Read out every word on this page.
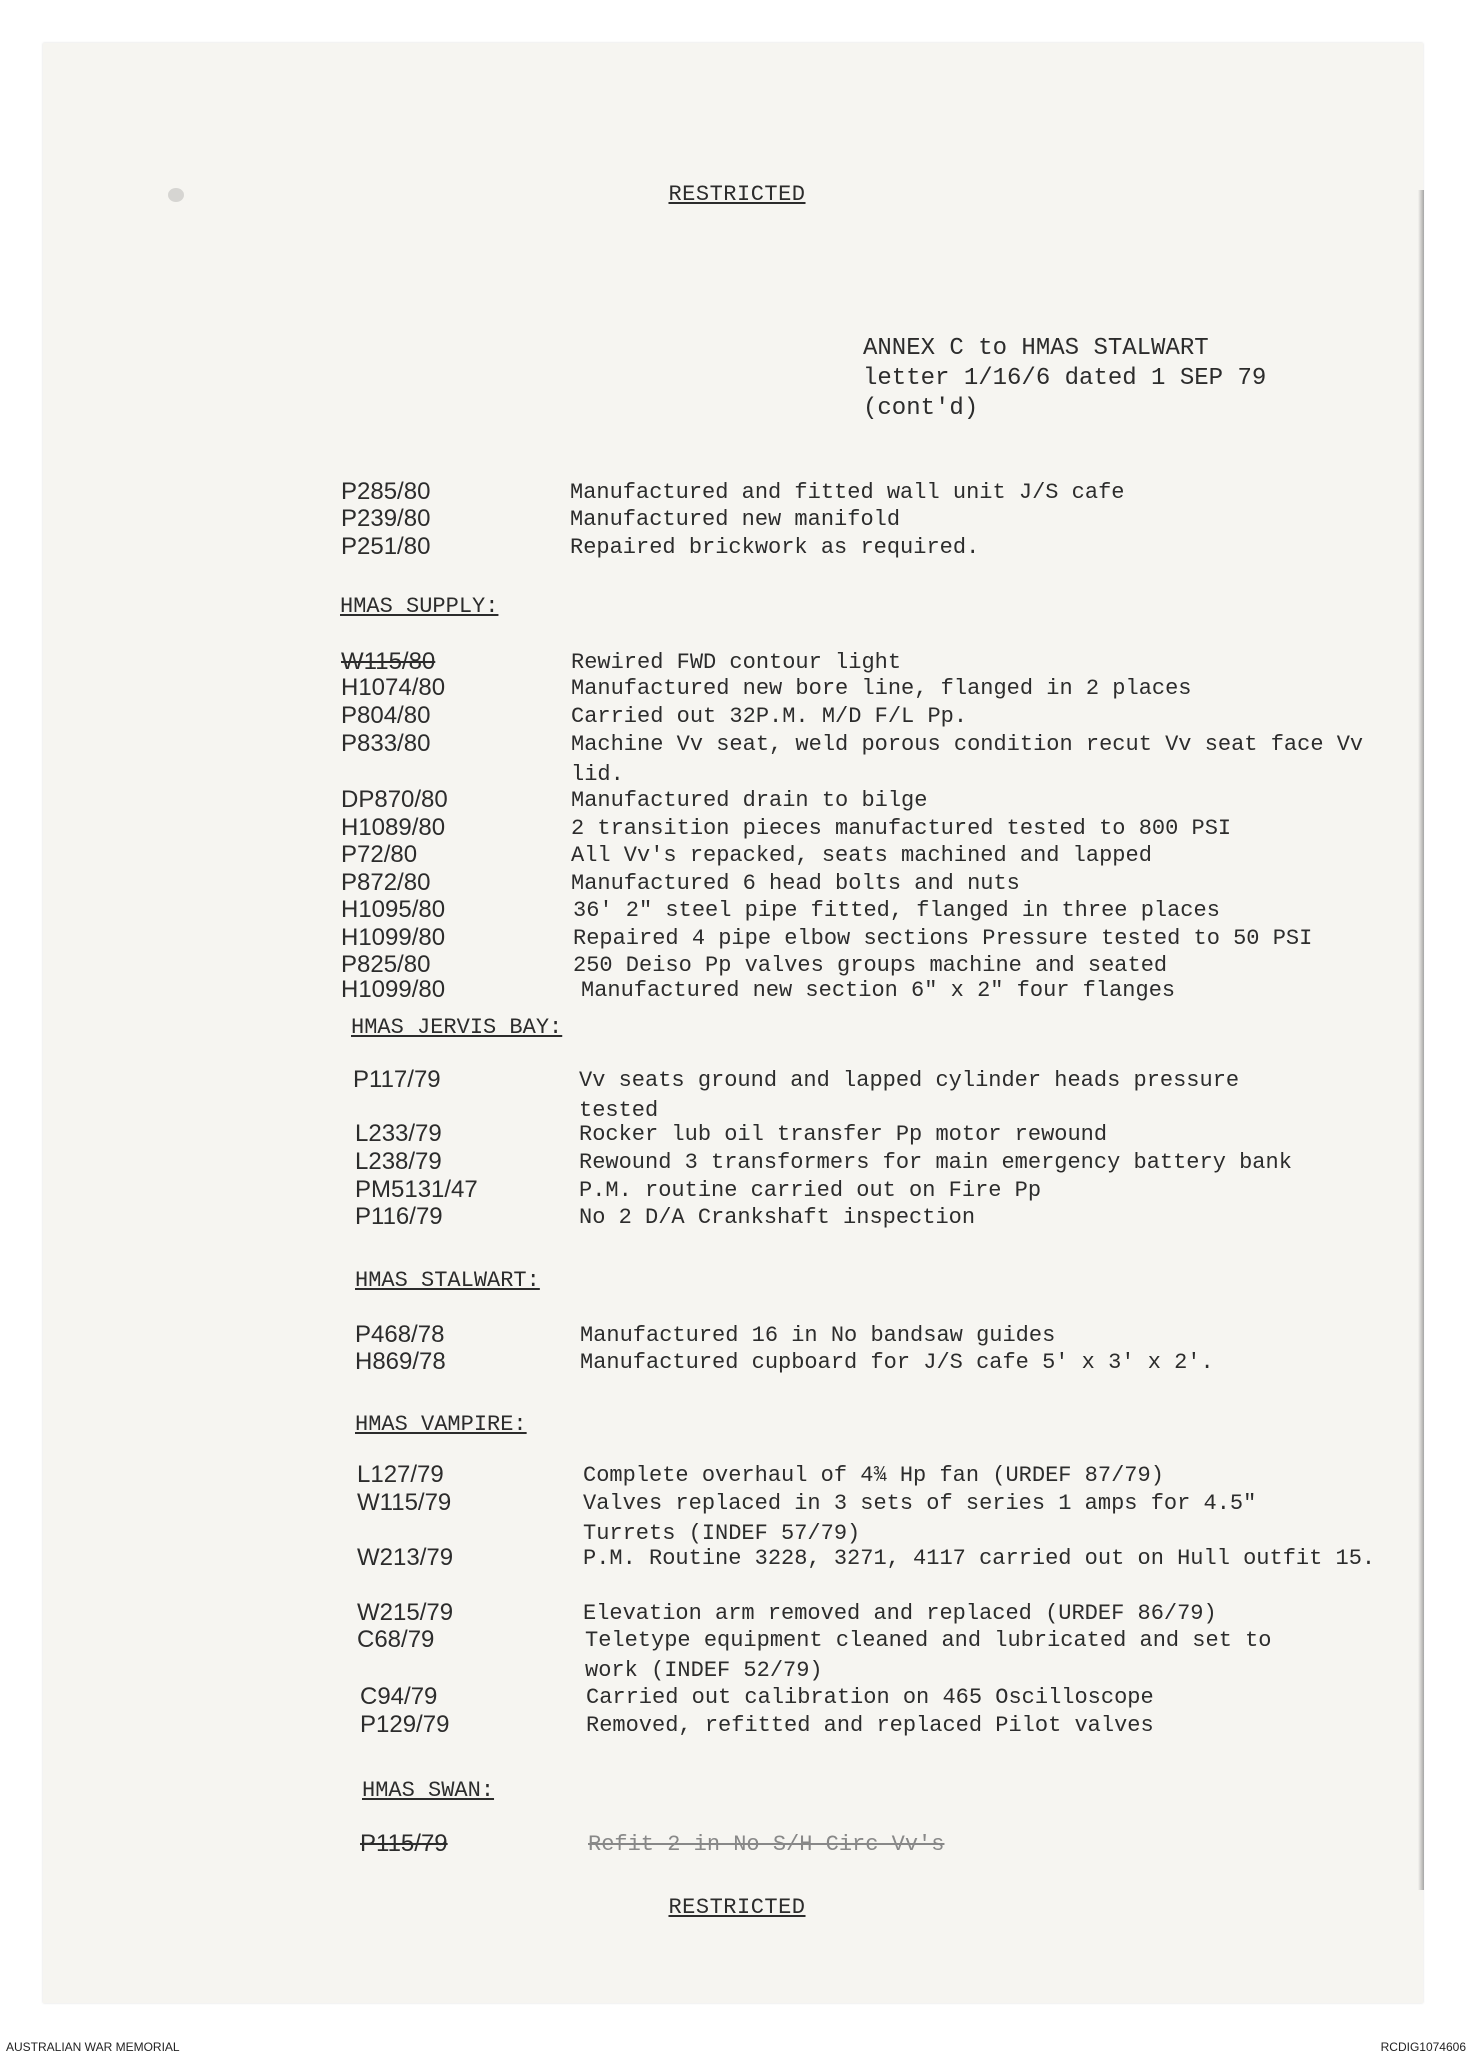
RESTRICTED
ANNEX C to HMAS STALWART
letter 1/16/6 dated 1 SEP 79
(cont'd)
P285/80	Manufactured and fitted wall unit J/S cafe
P239/80	Manufactured new manifold
P251/80	Repaired brickwork as required.
HMAS SUPPLY:
W115/80	Rewired FWD contour light
H1074/80	Manufactured new bore line, flanged in 2 places
P804/80	Carried out 32P.M. M/D F/L Pp.
P833/80	Machine Vv seat, weld porous condition recut Vv seat face Vv lid.
DP870/80	Manufactured drain to bilge
H1089/80	2 transition pieces manufactured tested to 800 PSI
P72/80	All Vv's repacked, seats machined and lapped
P872/80	Manufactured 6 head bolts and nuts
H1095/80	36' 2" steel pipe fitted, flanged in three places
H1099/80	Repaired 4 pipe elbow sections Pressure tested to 50 PSI
P825/80	250 Deiso Pp valves groups machine and seated
H1099/80	Manufactured new section 6" x 2" four flanges
HMAS JERVIS BAY:
P117/79	Vv seats ground and lapped cylinder heads pressure tested
L233/79	Rocker lub oil transfer Pp motor rewound
L238/79	Rewound 3 transformers for main emergency battery bank
PM5131/47	P.M. routine carried out on Fire Pp
P116/79	No 2 D/A Crankshaft inspection
HMAS STALWART:
P468/78	Manufactured 16 in No bandsaw guides
H869/78	Manufactured cupboard for J/S cafe 5' x 3' x 2'.
HMAS VAMPIRE:
L127/79	Complete overhaul of 4¾ Hp fan (URDEF 87/79)
W115/79	Valves replaced in 3 sets of series 1 amps for 4.5" Turrets (INDEF 57/79)
W213/79	P.M. Routine 3228, 3271, 4117 carried out on Hull outfit 15.
W215/79	Elevation arm removed and replaced (URDEF 86/79)
C68/79	Teletype equipment cleaned and lubricated and set to work (INDEF 52/79)
C94/79	Carried out calibration on 465 Oscilloscope
P129/79	Removed, refitted and replaced Pilot valves
HMAS SWAN:
P115/79	Refit 2 in No S/H Circ Vv's
RESTRICTED
AUSTRALIAN WAR MEMORIAL	RCDIG1074606
